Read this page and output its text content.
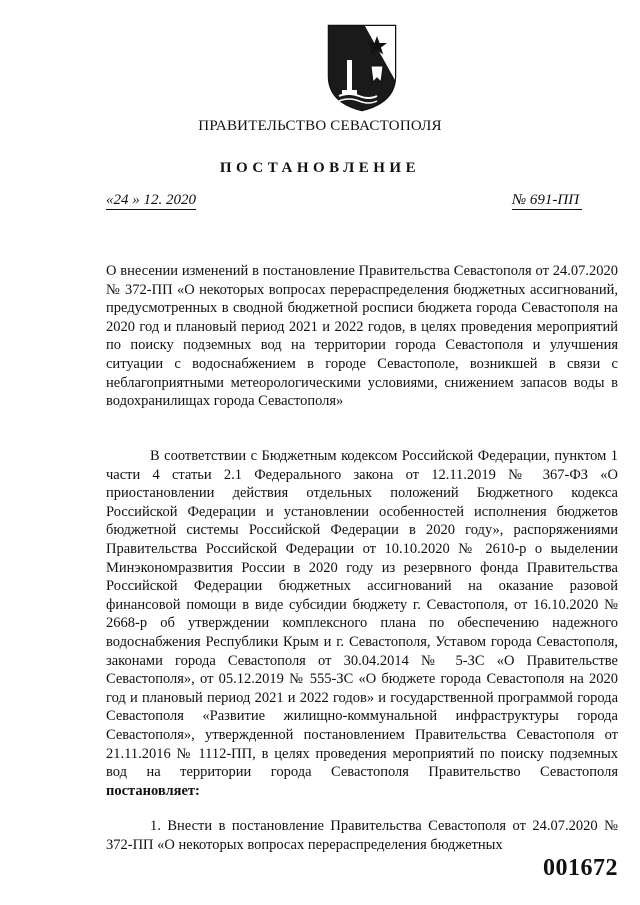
ПРАВИТЕЛЬСТВО СЕВАСТОПОЛЯ
ПОСТАНОВЛЕНИЕ
«24 » 12. 2020	№ 691-ПП
О внесении изменений в постановление Правительства Севастополя от 24.07.2020 № 372-ПП «О некоторых вопросах перераспределения бюджетных ассигнований, предусмотренных в сводной бюджетной росписи бюджета города Севастополя на 2020 год и плановый период 2021 и 2022 годов, в целях проведения мероприятий по поиску подземных вод на территории города Севастополя и улучшения ситуации с водоснабжением в городе Севастополе, возникшей в связи с неблагоприятными метеорологическими условиями, снижением запасов воды в водохранилищах города Севастополя»
В соответствии с Бюджетным кодексом Российской Федерации, пунктом 1 части 4 статьи 2.1 Федерального закона от 12.11.2019 № 367-ФЗ «О приостановлении действия отдельных положений Бюджетного кодекса Российской Федерации и установлении особенностей исполнения бюджетов бюджетной системы Российской Федерации в 2020 году», распоряжениями Правительства Российской Федерации от 10.10.2020 № 2610-р о выделении Минэкономразвития России в 2020 году из резервного фонда Правительства Российской Федерации бюджетных ассигнований на оказание разовой финансовой помощи в виде субсидии бюджету г. Севастополя, от 16.10.2020 № 2668-р об утверждении комплексного плана по обеспечению надежного водоснабжения Республики Крым и г. Севастополя, Уставом города Севастополя, законами города Севастополя от 30.04.2014 № 5-ЗС «О Правительстве Севастополя», от 05.12.2019 № 555-ЗС «О бюджете города Севастополя на 2020 год и плановый период 2021 и 2022 годов» и государственной программой города Севастополя «Развитие жилищно-коммунальной инфраструктуры города Севастополя», утвержденной постановлением Правительства Севастополя от 21.11.2016 № 1112-ПП, в целях проведения мероприятий по поиску подземных вод на территории города Севастополя Правительство Севастополя постановляет:
1. Внести в постановление Правительства Севастополя от 24.07.2020 № 372-ПП «О некоторых вопросах перераспределения бюджетных
001672
